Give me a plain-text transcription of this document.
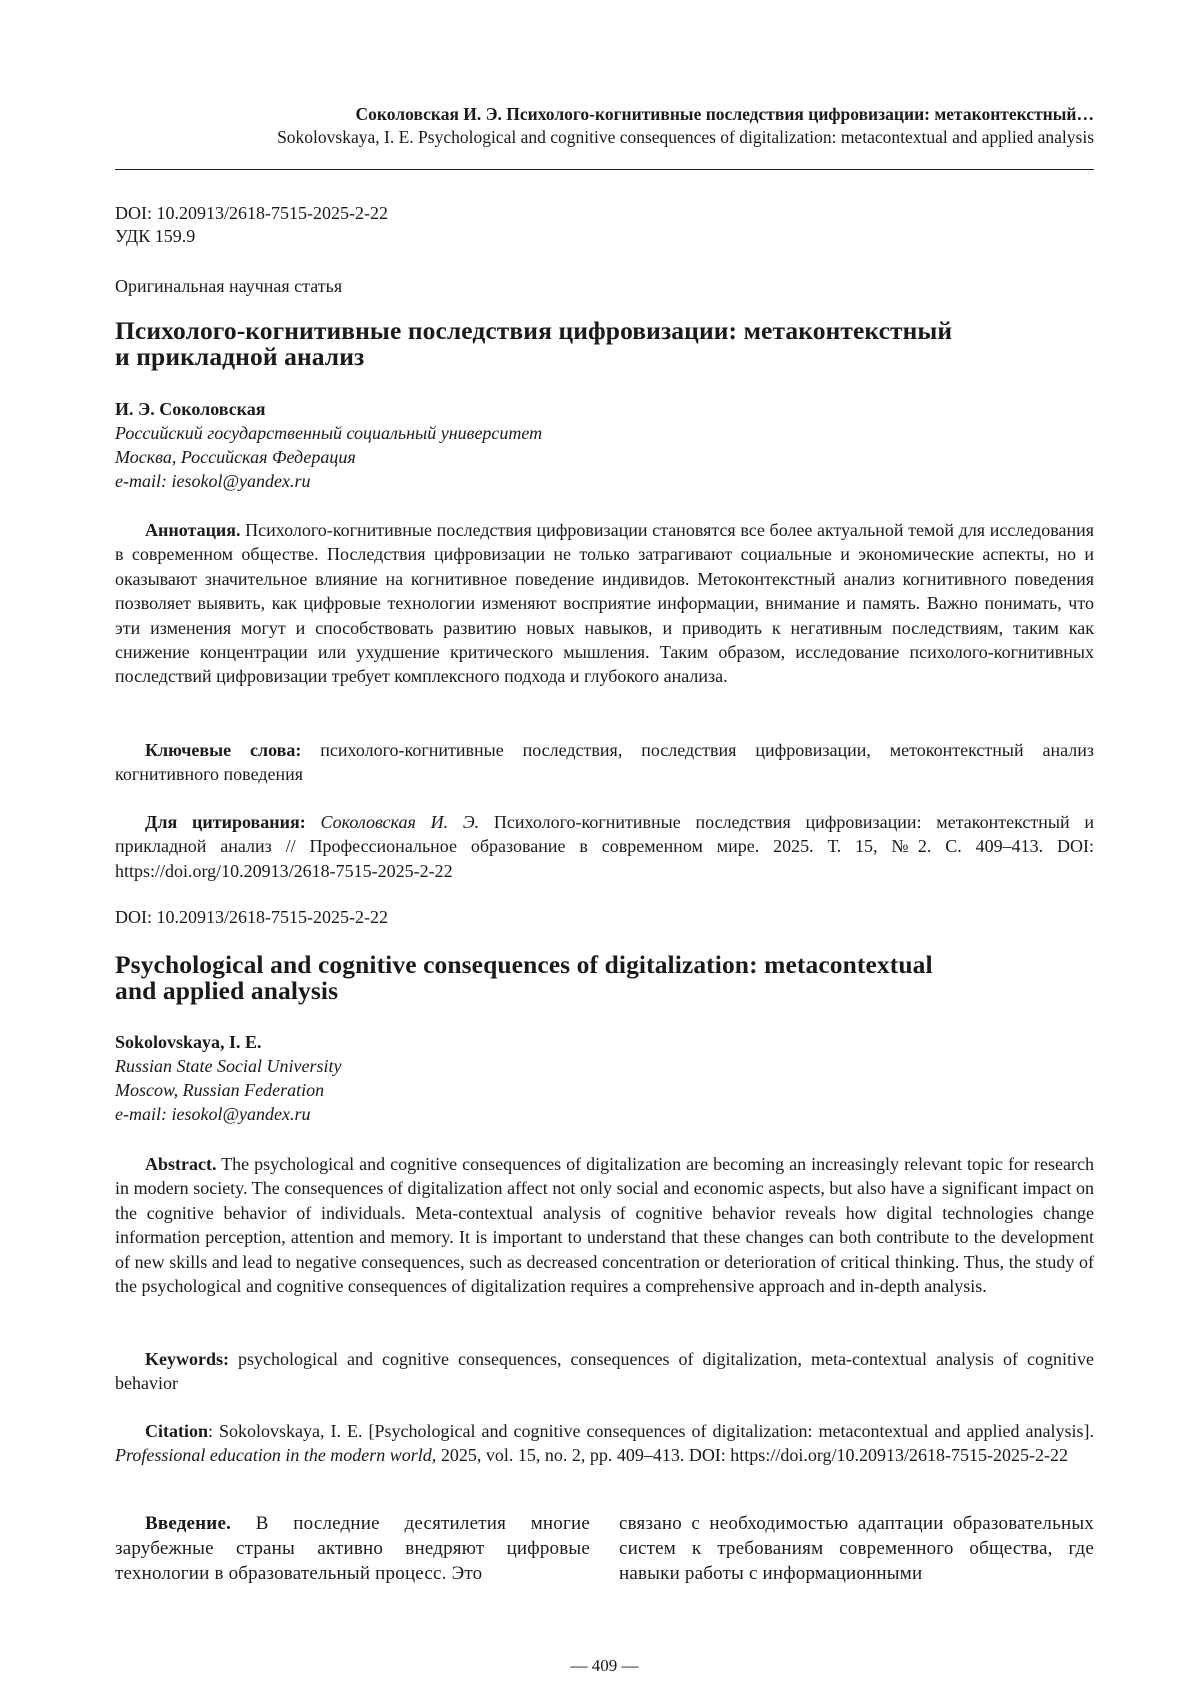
Соколовская И. Э. Психолого-когнитивные последствия цифровизации: метаконтекстный…
Sokolovskaya, I. E. Psychological and cognitive consequences of digitalization: metacontextual and applied analysis
DOI: 10.20913/2618-7515-2025-2-22
УДК 159.9
Оригинальная научная статья
Психолого-когнитивные последствия цифровизации: метаконтекстный
и прикладной анализ
И. Э. Соколовская
Российский государственный социальный университет
Москва, Российская Федерация
e-mail: iesokol@yandex.ru
Аннотация. Психолого-когнитивные последствия цифровизации становятся все более актуальной темой для исследования в современном обществе. Последствия цифровизации не только затрагивают социальные и экономические аспекты, но и оказывают значительное влияние на когнитивное поведение индивидов. Метоконтекстный анализ когнитивного поведения позволяет выявить, как цифровые технологии изменяют восприятие информации, внимание и память. Важно понимать, что эти изменения могут и способствовать развитию новых навыков, и приводить к негативным последствиям, таким как снижение концентрации или ухудшение критического мышления. Таким образом, исследование психолого-когнитивных последствий цифровизации требует комплексного подхода и глубокого анализа.
Ключевые слова: психолого-когнитивные последствия, последствия цифровизации, метоконтекстный анализ когнитивного поведения
Для цитирования: Соколовская И. Э. Психолого-когнитивные последствия цифровизации: метаконтекстный и прикладной анализ // Профессиональное образование в современном мире. 2025. Т. 15, №2. С. 409–413. DOI: https://doi.org/10.20913/2618-7515-2025-2-22
DOI: 10.20913/2618-7515-2025-2-22
Psychological and cognitive consequences of digitalization: metacontextual
and applied analysis
Sokolovskaya, I. E.
Russian State Social University
Moscow, Russian Federation
e-mail: iesokol@yandex.ru
Abstract. The psychological and cognitive consequences of digitalization are becoming an increasingly relevant topic for research in modern society. The consequences of digitalization affect not only social and economic aspects, but also have a significant impact on the cognitive behavior of individuals. Meta-contextual analysis of cognitive behavior reveals how digital technologies change information perception, attention and memory. It is important to understand that these changes can both contribute to the development of new skills and lead to negative consequences, such as decreased concentration or deterioration of critical thinking. Thus, the study of the psychological and cognitive consequences of digitalization requires a comprehensive approach and in-depth analysis.
Keywords: psychological and cognitive consequences, consequences of digitalization, meta-contextual analysis of cognitive behavior
Citation: Sokolovskaya, I. E. [Psychological and cognitive consequences of digitalization: metacontextual and applied analysis]. Professional education in the modern world, 2025, vol. 15, no. 2, pp. 409–413. DOI: https://doi.org/10.20913/2618-7515-2025-2-22
Введение. В последние десятилетия многие зарубежные страны активно внедряют цифровые технологии в образовательный процесс. Это
связано с необходимостью адаптации образовательных систем к требованиям современного общества, где навыки работы с информационными
— 409 —
